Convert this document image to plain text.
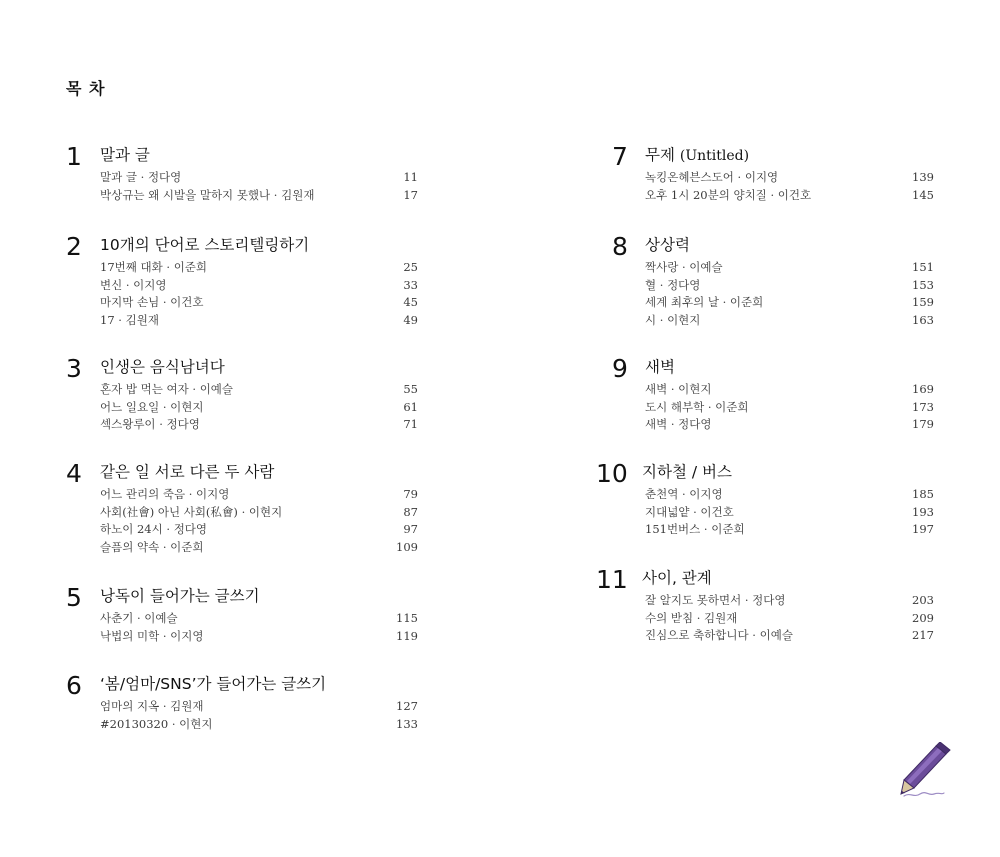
목 차
1 말과 글
말과 글 · 정다영	11
박상규는 왜 시발을 말하지 못했나 · 김원재	17
2 10개의 단어로 스토리텔링하기
17번째 대화 · 이준희	25
변신 · 이지영	33
마지막 손님 · 이건호	45
17 · 김원재	49
3 인생은 음식남녀다
혼자 밥 먹는 여자 · 이예슬	55
어느 일요일 · 이현지	61
섹스왕루이 · 정다영	71
4 같은 일 서로 다른 두 사람
어느 관리의 죽음 · 이지영	79
사회(社會) 아닌 사회(私會) · 이현지	87
하노이 24시 · 정다영	97
슬픔의 약속 · 이준희	109
5 낭독이 들어가는 글쓰기
사춘기 · 이예슬	115
낙법의 미학 · 이지영	119
6 ‘봄/엄마/SNS’가 들어가는 글쓰기
엄마의 지옥 · 김원재	127
#20130320 · 이현지	133
7 무제 (Untitled)
녹킹온혜븐스도어 · 이지영	139
오후 1시 20분의 양치질 · 이건호	145
8 상상력
짝사랑 · 이예슬	151
혈 · 정다영	153
세계 최후의 날 · 이준희	159
시 · 이현지	163
9 새벽
새벽 · 이현지	169
도시 해부학 · 이준희	173
새벽 · 정다영	179
10 지하철 / 버스
춘천역 · 이지영	185
지대넓얕 · 이건호	193
151번버스 · 이준희	197
11 사이, 관계
잘 알지도 못하면서 · 정다영	203
수의 받침 · 김원재	209
진심으로 축하합니다 · 이예슬	217
